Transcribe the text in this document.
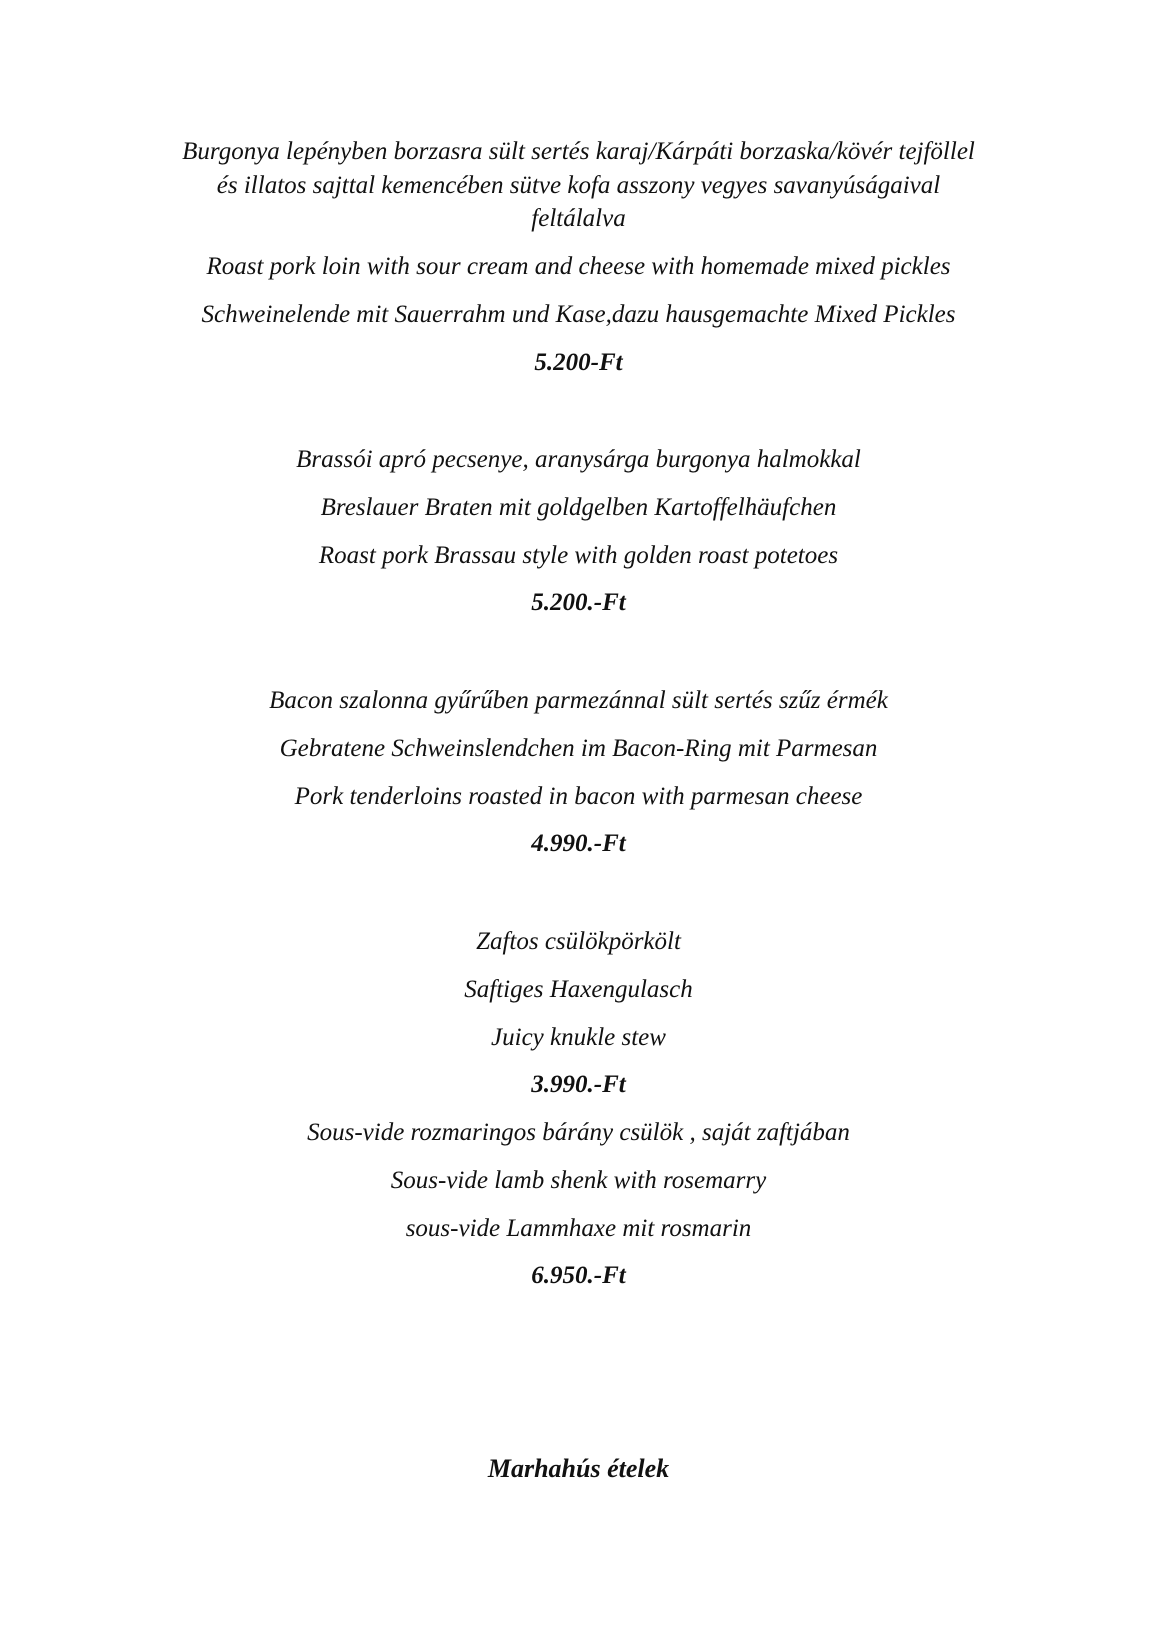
Burgonya lepényben borzasra sült sertés karaj/Kárpáti borzaska/kövér tejföllel
és illatos sajttal kemencében sütve kofa asszony vegyes savanyúságaival
feltálalva
Roast pork loin with sour cream and cheese with homemade mixed pickles
Schweinelende mit Sauerrahm und Kase,dazu hausgemachte Mixed Pickles
5.200-Ft
Brassói apró pecsenye, aranysárga burgonya halmokkal
Breslauer Braten mit goldgelben Kartoffelhäufchen
Roast pork Brassau style with golden roast potetoes
5.200.-Ft
Bacon szalonna gyűrűben parmezánnal sült sertés szűz érmék
Gebratene Schweinslendchen im Bacon-Ring mit Parmesan
Pork tenderloins roasted in bacon with parmesan cheese
4.990.-Ft
Zaftos csülökpörkölt
Saftiges Haxengulasch
Juicy knukle stew
3.990.-Ft
Sous-vide rozmaringos bárány csülök , saját zaftjában
Sous-vide lamb shenk with rosemarry
sous-vide Lammhaxe mit rosmarin
6.950.-Ft
Marhahús ételek
